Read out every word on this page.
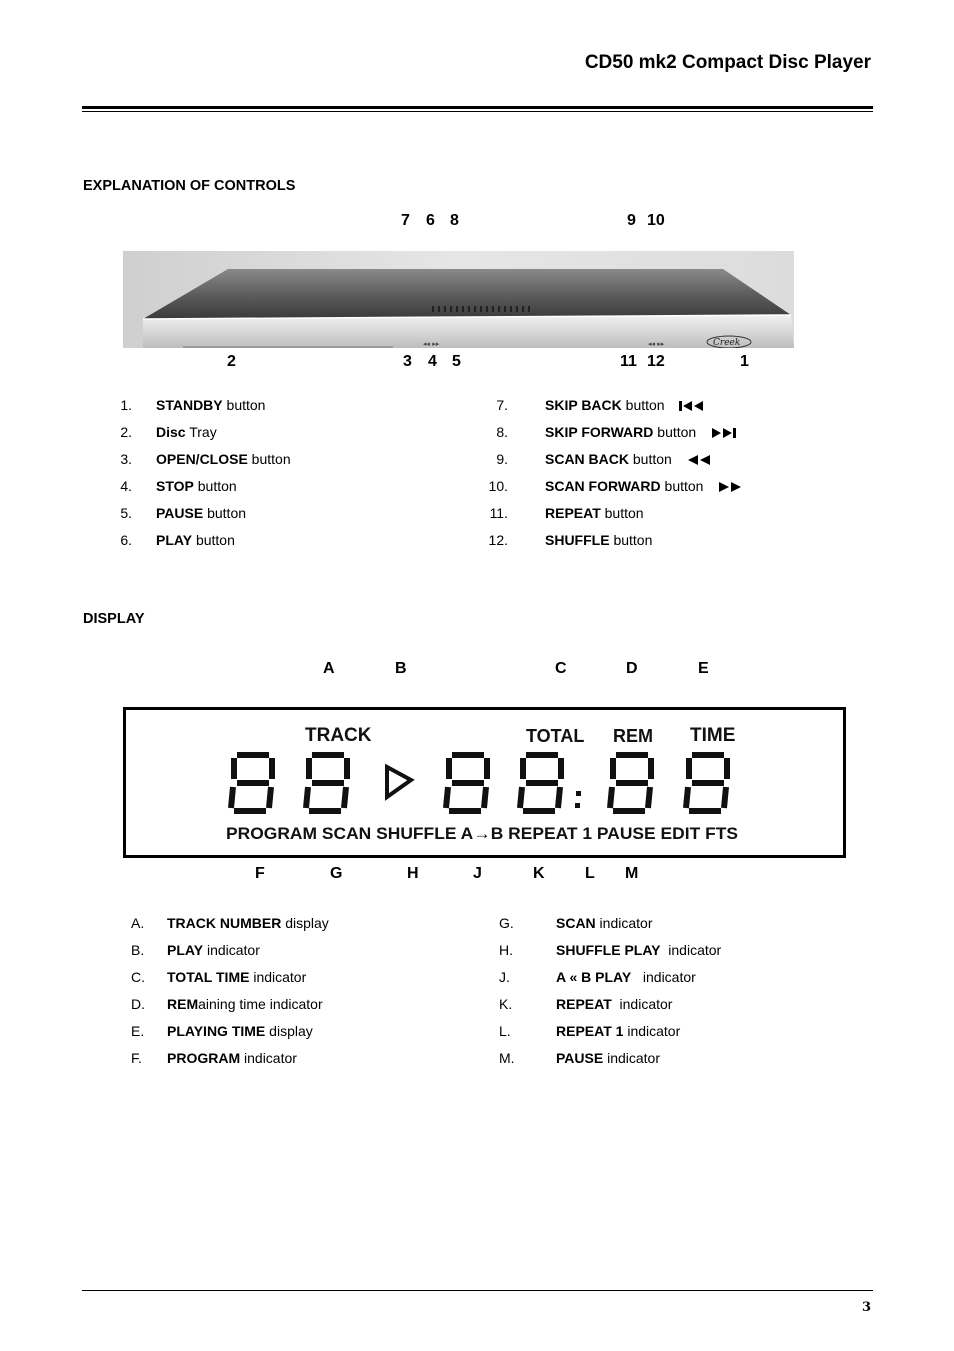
CD50 mk2 Compact Disc Player
EXPLANATION OF CONTROLS
7 6 8	9 10
◂◂ ▸▸	◂◂ ▸▸	Creek
2	3 4 5	11 12	1
1. STANDBY button
2. Disc Tray
3. OPEN/CLOSE button
4. STOP button
5. PAUSE button
6. PLAY button
7.	SKIP BACK button
8.	SKIP FORWARD button
9.	SCAN BACK button
10.	SCAN FORWARD button
11.	REPEAT button
12.	SHUFFLE button
DISPLAY
A	B	C	D	E
TRACK	TOTAL REM TIME
PROGRAM SCAN SHUFFLE A→B REPEAT 1 PAUSE EDIT FTS
F	G	H	J	K	L M
A. TRACK NUMBER display
B. PLAY indicator
C. TOTAL TIME indicator
D. REMaining time indicator
E. PLAYING TIME display
F. PROGRAM indicator
G.	SCAN indicator
H.	SHUFFLE PLAY  indicator
J.	A « B PLAY   indicator
K.	REPEAT  indicator
L.	REPEAT 1 indicator
M.	PAUSE indicator
3
